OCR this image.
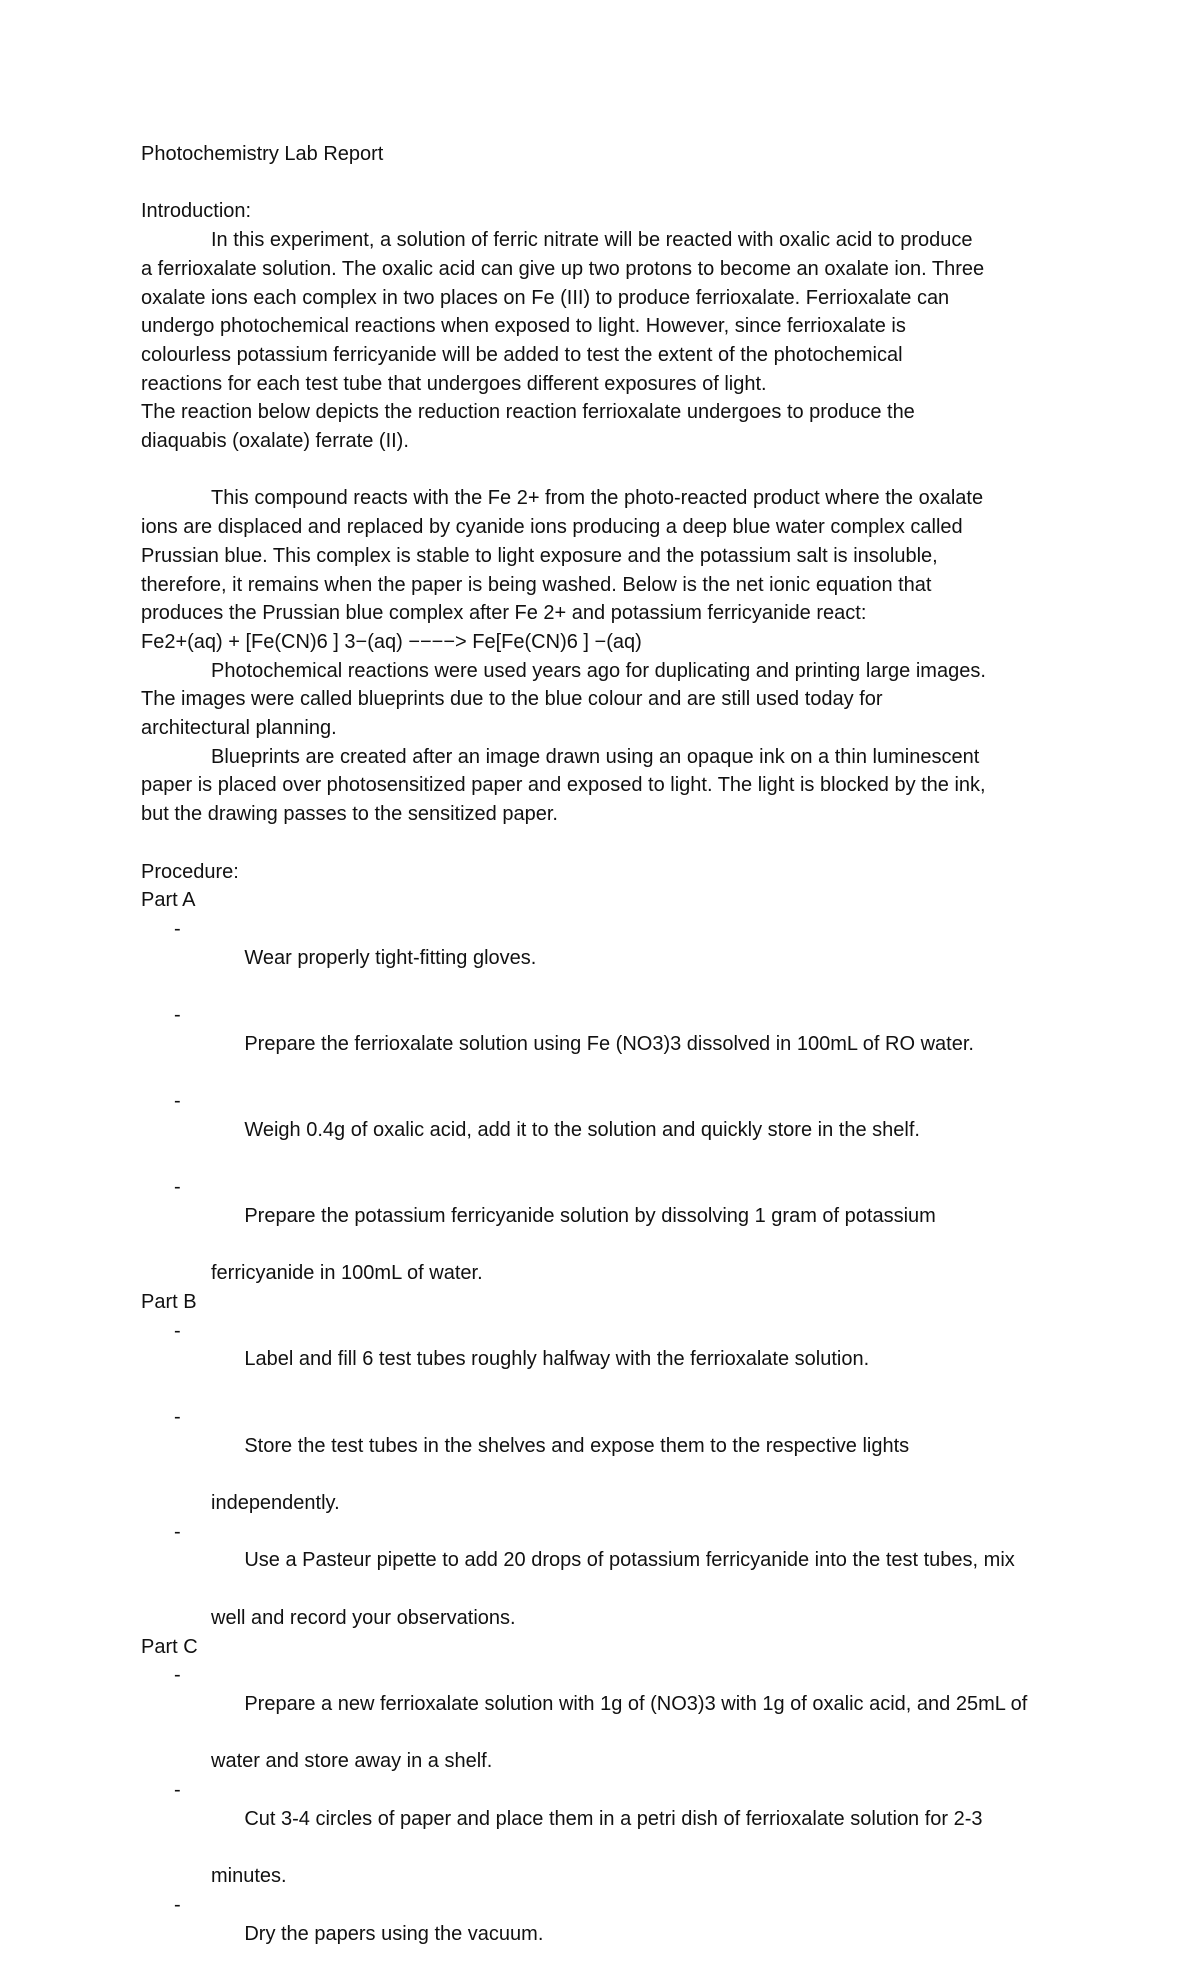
Photochemistry Lab Report
Introduction:
In this experiment, a solution of ferric nitrate will be reacted with oxalic acid to produce
a ferrioxalate solution. The oxalic acid can give up two protons to become an oxalate ion. Three
oxalate ions each complex in two places on Fe (III) to produce ferrioxalate. Ferrioxalate can
undergo photochemical reactions when exposed to light. However, since ferrioxalate is
colourless potassium ferricyanide will be added to test the extent of the photochemical
reactions for each test tube that undergoes different exposures of light.
The reaction below depicts the reduction reaction ferrioxalate undergoes to produce the
diaquabis (oxalate) ferrate (II).
This compound reacts with the Fe 2+ from the photo-reacted product where the oxalate
ions are displaced and replaced by cyanide ions producing a deep blue water complex called
Prussian blue. This complex is stable to light exposure and the potassium salt is insoluble,
therefore, it remains when the paper is being washed. Below is the net ionic equation that
produces the Prussian blue complex after Fe 2+ and potassium ferricyanide react:
Fe2+(aq) + [Fe(CN)6 ] 3−(aq) −−−−> Fe[Fe(CN)6 ] −(aq)
Photochemical reactions were used years ago for duplicating and printing large images.
The images were called blueprints due to the blue colour and are still used today for
architectural planning.
Blueprints are created after an image drawn using an opaque ink on a thin luminescent
paper is placed over photosensitized paper and exposed to light. The light is blocked by the ink,
but the drawing passes to the sensitized paper.
Procedure:
Part A

-
Wear properly tight-fitting gloves.

-
Prepare the ferrioxalate solution using Fe (NO3)3 dissolved in 100mL of RO water.

-
Weigh 0.4g of oxalic acid, add it to the solution and quickly store in the shelf.

-
Prepare the potassium ferricyanide solution by dissolving 1 gram of potassium

ferricyanide in 100mL of water.
Part B

-
Label and fill 6 test tubes roughly halfway with the ferrioxalate solution.

-
Store the test tubes in the shelves and expose them to the respective lights

independently.

-
Use a Pasteur pipette to add 20 drops of potassium ferricyanide into the test tubes, mix

well and record your observations.
Part C

-
Prepare a new ferrioxalate solution with 1g of (NO3)3 with 1g of oxalic acid, and 25mL of

water and store away in a shelf.

-
Cut 3-4 circles of paper and place them in a petri dish of ferrioxalate solution for 2-3

minutes.

-
Dry the papers using the vacuum.
